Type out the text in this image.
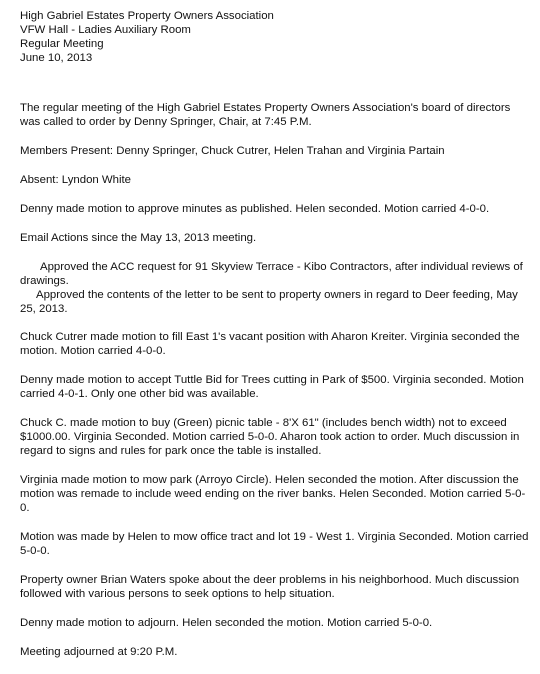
High Gabriel Estates Property Owners Association
VFW Hall - Ladies Auxiliary Room
Regular Meeting
June 10, 2013

The regular meeting of the High Gabriel Estates Property Owners Association's board of directors was called to order by Denny Springer, Chair, at 7:45 P.M.

Members Present: Denny Springer, Chuck Cutrer, Helen Trahan and Virginia Partain

Absent: Lyndon White

Denny made motion to approve minutes as published. Helen seconded. Motion carried 4-0-0.

Email Actions since the May 13, 2013 meeting.

Approved the ACC request for 91 Skyview Terrace - Kibo Contractors, after individual reviews of drawings.

Approved the contents of the letter to be sent to property owners in regard to Deer feeding, May 25, 2013.

Chuck Cutrer made motion to fill East 1's vacant position with Aharon Kreiter. Virginia seconded the motion. Motion carried 4-0-0.

Denny made motion to accept Tuttle Bid for Trees cutting in Park of $500. Virginia seconded. Motion carried 4-0-1. Only one other bid was available.

Chuck C. made motion to buy (Green) picnic table - 8'X 61" (includes bench width) not to exceed $1000.00. Virginia Seconded. Motion carried 5-0-0. Aharon took action to order. Much discussion in regard to signs and rules for park once the table is installed.

Virginia made motion to mow park (Arroyo Circle). Helen seconded the motion. After discussion the motion was remade to include weed ending on the river banks. Helen Seconded. Motion carried 5-0-0.

Motion was made by Helen to mow office tract and lot 19 - West 1. Virginia Seconded. Motion carried 5-0-0.

Property owner Brian Waters spoke about the deer problems in his neighborhood. Much discussion followed with various persons to seek options to help situation.

Denny made motion to adjourn. Helen seconded the motion. Motion carried 5-0-0.

Meeting adjourned at 9:20 P.M.
